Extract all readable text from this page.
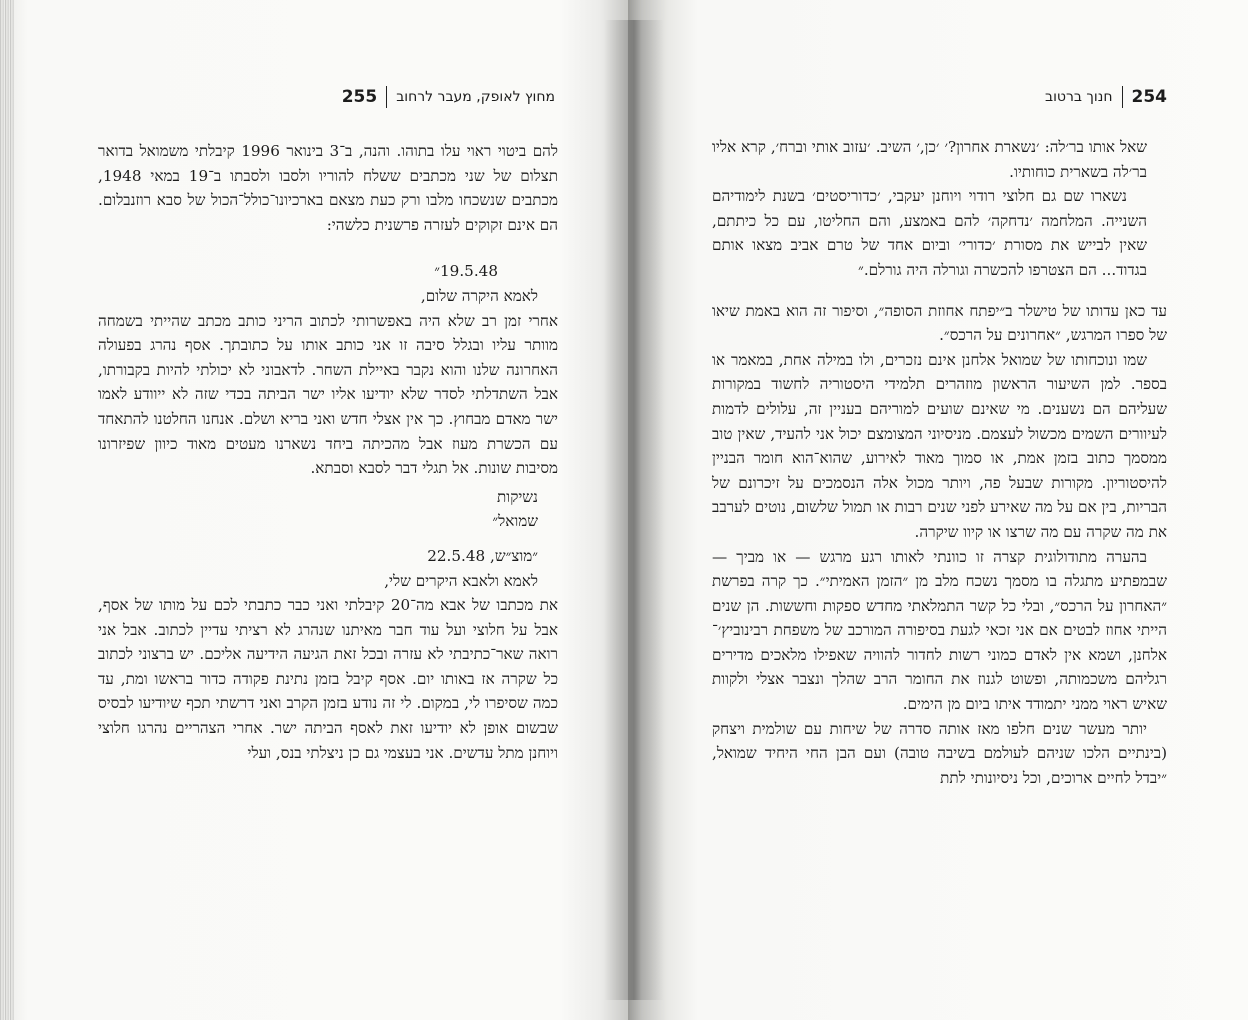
255 מחוץ לאופק, מעבר לרחוב

להם ביטוי ראוי עלו בתוהו. והנה, ב־3 בינואר 1996 קיבלתי משמואל בדואר תצלום של שני מכתבים ששלח להוריו ולסבו ולסבתו ב־19 במאי 1948, מכתבים שנשכחו מלבו ורק כעת מצאם בארכיונו־כולל־הכול של סבא רוזנבלום. הם אינם זקוקים לעזרה פרשנית כלשהי:

19.5.48״

לאמא היקרה שלום,

אחרי זמן רב שלא היה באפשרותי לכתוב הריני כותב מכתב שהייתי בשמחה מוותר עליו ובגלל סיבה זו אני כותב אותו על כתובתך. אסף נהרג בפעולה האחרונה שלנו והוא נקבר באיילת השחר. לדאבוני לא יכולתי להיות בקבורתו, אבל השתדלתי לסדר שלא יודיעו אליו ישר הביתה בכדי שזה לא ייוודע לאמו ישר מאדם מבחוץ. כך אין אצלי חדש ואני בריא ושלם. אנחנו החלטנו להתאחד עם הכשרת מעוז אבל מהכיתה ביחד נשארנו מעטים מאוד כיוון שפיזרונו מסיבות שונות. אל תגלי דבר לסבא וסבתא.

נשיקות

שמואל״

״מוצ״ש, 22.5.48

לאמא ולאבא היקרים שלי,

את מכתבו של אבא מה־20 קיבלתי ואני כבר כתבתי לכם על מותו של אסף, אבל על חלוצי ועל עוד חבר מאיתנו שנהרג לא רציתי עדיין לכתוב. אבל אני רואה שאר־כתיבתי לא עזרה ובכל זאת הגיעה הידיעה אליכם. יש ברצוני לכתוב כל שקרה אז באותו יום. אסף קיבל בזמן נתינת פקודה כדור בראשו ומת, עד כמה שסיפרו לי, במקום. לי זה נודע בזמן הקרב ואני דרשתי תכף שיודיעו לבסיס שבשום אופן לא יודיעו זאת לאסף הביתה ישר. אחרי הצהריים נהרגו חלוצי ויוחנן מתל עדשים. אני בעצמי גם כן ניצלתי בנס, ועלי

254
חנוך ברטוב

שאל אותו בר׳לה: ׳נשארת אחרון?׳ ׳כן,׳ השיב. ׳עזוב אותי וברח׳, קרא אליו בר׳לה בשארית כוחותיו.

נשארו שם גם חלוצי רודוי ויוחנן יעקבי, ׳כדוריסטים׳ בשנת לימודיהם השנייה. המלחמה ׳נדחקה׳ להם באמצע, והם החליטו, עם כל כיתתם, שאין לבייש את מסורת ׳כדורי׳ וביום אחד של טרם אביב מצאו אותם בגדוד... הם הצטרפו להכשרה וגורלה היה גורלם.״

עד כאן עדותו של טישלר ב״יפתח אחוזת הסופה״, וסיפור זה הוא באמת שיאו של ספרו המרגש, ״אחרונים על הרכס״.

שמו ונוכחותו של שמואל אלחנן אינם נזכרים, ולו במילה אחת, במאמר או בספר. למן השיעור הראשון מוזהרים תלמידי היסטוריה לחשוד במקורות שעליהם הם נשענים. מי שאינם שועים למוריהם בעניין זה, עלולים לדמות לעיוורים השמים מכשול לעצמם. מניסיוני המצומצם יכול אני להעיד, שאין טוב ממסמך כתוב בזמן אמת, או סמוך מאוד לאירוע, שהוא־הוא חומר הבניין להיסטוריון. מקורות שבעל פה, ויותר מכול אלה הנסמכים על זיכרונם של הבריות, בין אם על מה שאירע לפני שנים רבות או תמול שלשום, נוטים לערבב את מה שקרה עם מה שרצו או קיוו שיקרה.

בהערה מתודולוגית קצרה זו כוונתי לאותו רגע מרגש — או מביך — שבמפתיע מתגלה בו מסמך נשכח מלב מן ״הזמן האמיתי״. כך קרה בפרשת ״האחרון על הרכס״, ובלי כל קשר התמלאתי מחדש ספקות וחששות. הן שנים הייתי אחוז לבטים אם אני זכאי לגעת בסיפורה המורכב של משפחת רבינוביץ׳־אלחנן, ושמא אין לאדם כמוני רשות לחדור להוויה שאפילו מלאכים מדירים רגליהם משכמותה, ופשוט לגנוז את החומר הרב שהלך ונצבר אצלי ולקוות שאיש ראוי ממני יתמודד איתו ביום מן הימים.

יותר מעשר שנים חלפו מאז אותה סדרה של שיחות עם שולמית ויצחק (בינתיים הלכו שניהם לעולמם בשיבה טובה) ועם הבן החי היחיד שמואל, ״יבדל לחיים ארוכים, וכל ניסיונותי לתת
